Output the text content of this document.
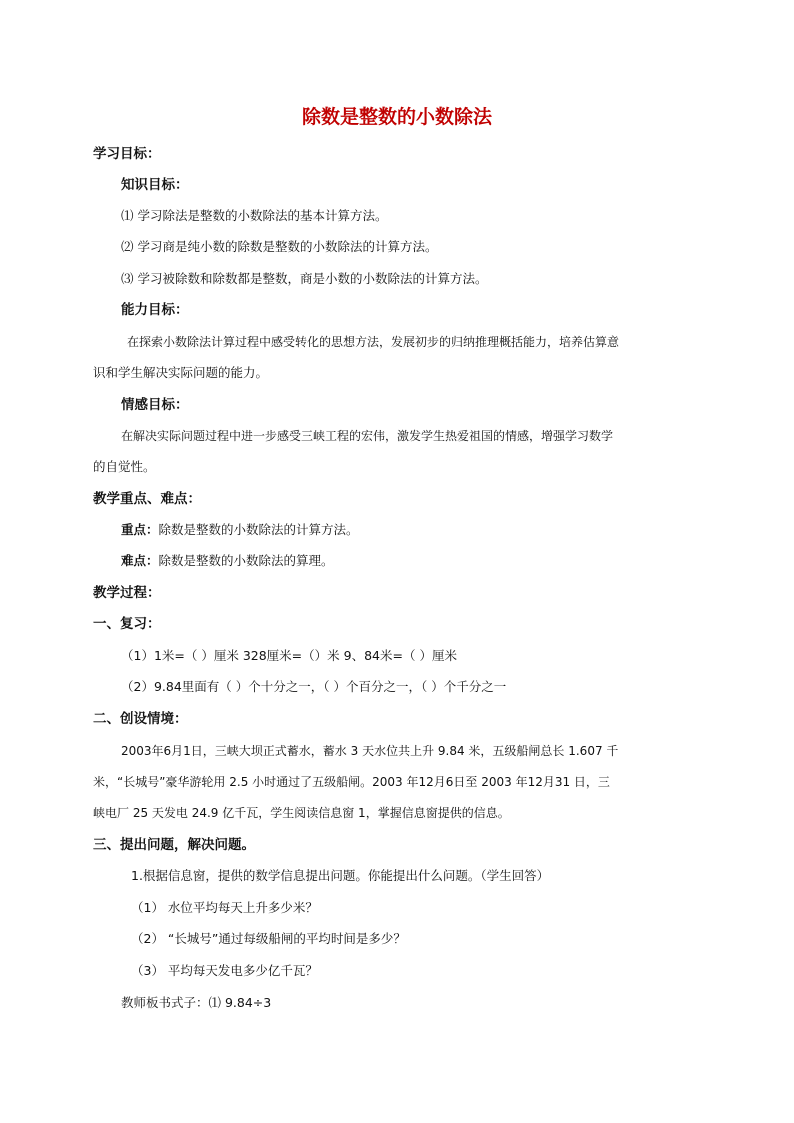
除数是整数的小数除法
学习目标：
知识目标：
⑴ 学习除法是整数的小数除法的基本计算方法。
⑵ 学习商是纯小数的除数是整数的小数除法的计算方法。
⑶ 学习被除数和除数都是整数，商是小数的小数除法的计算方法。
能力目标：
在探索小数除法计算过程中感受转化的思想方法，发展初步的归纳推理概括能力，培养估算意
识和学生解决实际问题的能力。
情感目标：
在解决实际问题过程中进一步感受三峡工程的宏伟，激发学生热爱祖国的情感，增强学习数学
的自觉性。
教学重点、难点：
重点：除数是整数的小数除法的计算方法。
难点：除数是整数的小数除法的算理。
教学过程：
一、复习：
（1）1米=（ ）厘米 328厘米=（）米 9、84米=（ ）厘米
（2）9.84里面有（ ）个十分之一，（ ）个百分之一，（ ）个千分之一
二、创设情境：
2003年6月1日，三峡大坝正式蓄水，蓄水 3 天水位共上升 9.84 米，五级船闸总长 1.607 千
米，“长城号”豪华游轮用 2.5 小时通过了五级船闸。2003 年12月6日至 2003 年12月31 日，三
峡电厂 25 天发电 24.9 亿千瓦，学生阅读信息窗 1，掌握信息窗提供的信息。
三、提出问题，解决问题。
1.根据信息窗，提供的数学信息提出问题。你能提出什么问题。（学生回答）
（1） 水位平均每天上升多少米？
（2） “长城号”通过每级船闸的平均时间是多少？
（3） 平均每天发电多少亿千瓦？
教师板书式子：⑴ 9.84÷3
